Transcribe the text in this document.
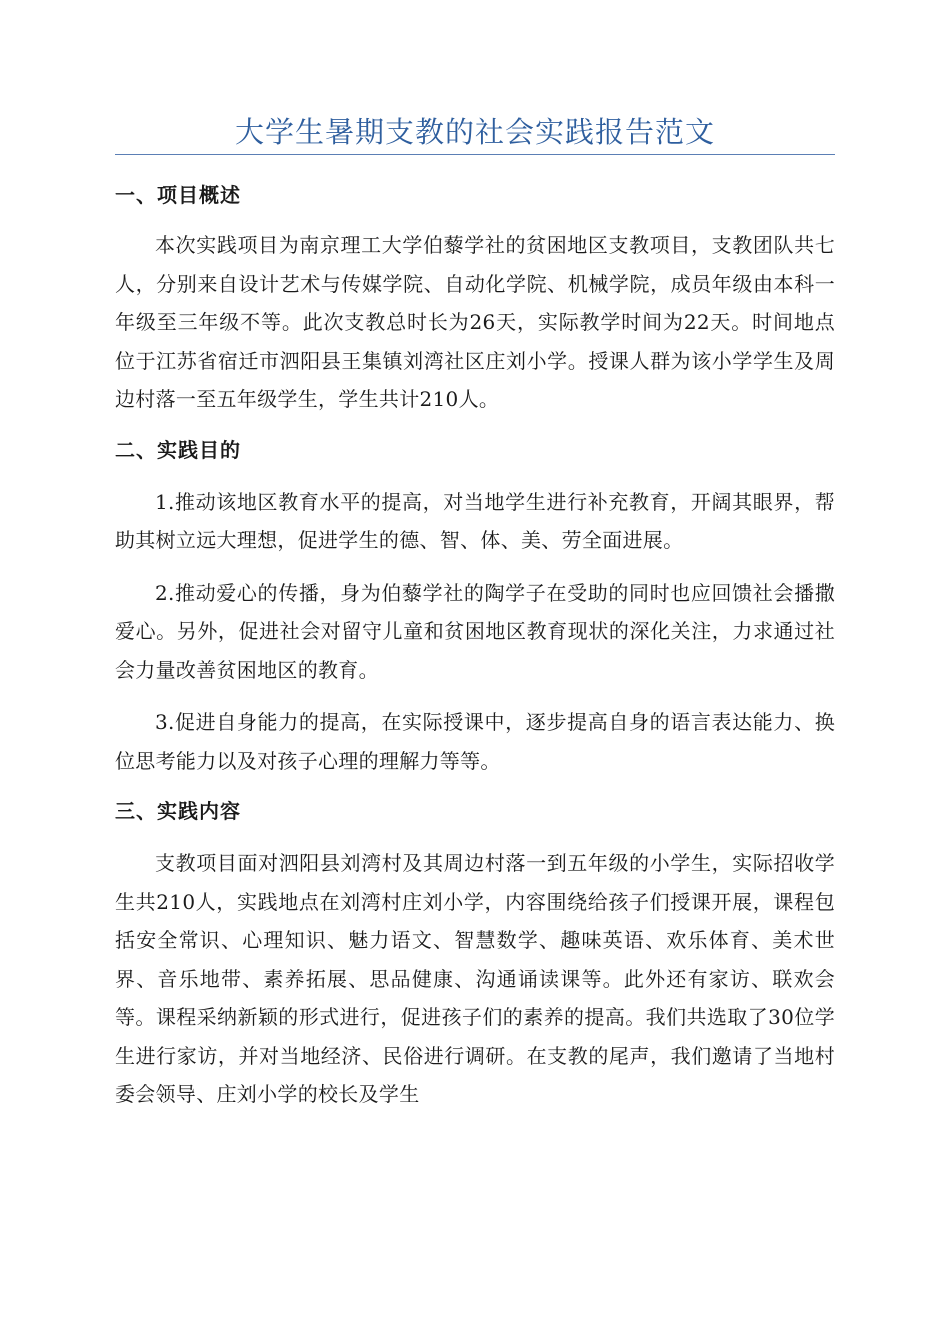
大学生暑期支教的社会实践报告范文
一、项目概述

本次实践项目为南京理工大学伯藜学社的贫困地区支教项目，支教团队共七人，分别来自设计艺术与传媒学院、自动化学院、机械学院，成员年级由本科一年级至三年级不等。此次支教总时长为26天，实际教学时间为22天。时间地点位于江苏省宿迁市泗阳县王集镇刘湾社区庄刘小学。授课人群为该小学学生及周边村落一至五年级学生，学生共计210人。

二、实践目的

1.推动该地区教育水平的提高，对当地学生进行补充教育，开阔其眼界，帮助其树立远大理想，促进学生的德、智、体、美、劳全面进展。

2.推动爱心的传播，身为伯藜学社的陶学子在受助的同时也应回馈社会播撒爱心。另外，促进社会对留守儿童和贫困地区教育现状的深化关注，力求通过社会力量改善贫困地区的教育。

3.促进自身能力的提高，在实际授课中，逐步提高自身的语言表达能力、换位思考能力以及对孩子心理的理解力等等。

三、实践内容

支教项目面对泗阳县刘湾村及其周边村落一到五年级的小学生，实际招收学生共210人，实践地点在刘湾村庄刘小学，内容围绕给孩子们授课开展，课程包括安全常识、心理知识、魅力语文、智慧数学、趣味英语、欢乐体育、美术世界、音乐地带、素养拓展、思品健康、沟通诵读课等。此外还有家访、联欢会等。课程采纳新颖的形式进行，促进孩子们的素养的提高。我们共选取了30位学生进行家访，并对当地经济、民俗进行调研。在支教的尾声，我们邀请了当地村委会领导、庄刘小学的校长及学生
